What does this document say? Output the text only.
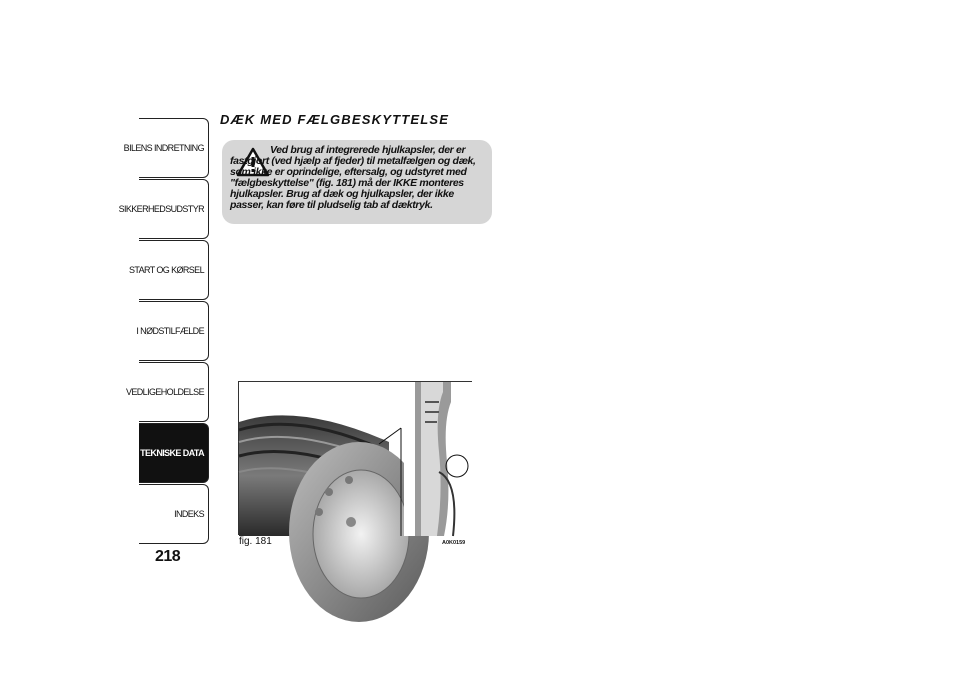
BILENS INDRETNING
SIKKERHEDSUDSTYR
START OG KØRSEL
I NØDSTILFÆLDE
VEDLIGEHOLDELSE
TEKNISKE DATA
INDEKS
218
DÆK MED FÆLGBESKYTTELSE

Ved brug af integrerede hjulkapsler, der er fastgjort (ved hjælp af fjeder) til metalfælgen og dæk, som ikke er oprindelige, eftersalg, og udstyret med "fælgbeskyttelse" (fig. 181) må der IKKE monteres hjulkapsler. Brug af dæk og hjulkapsler, der ikke passer, kan føre til pludselig tab af dæktryk.

fig. 181	A0K0159
